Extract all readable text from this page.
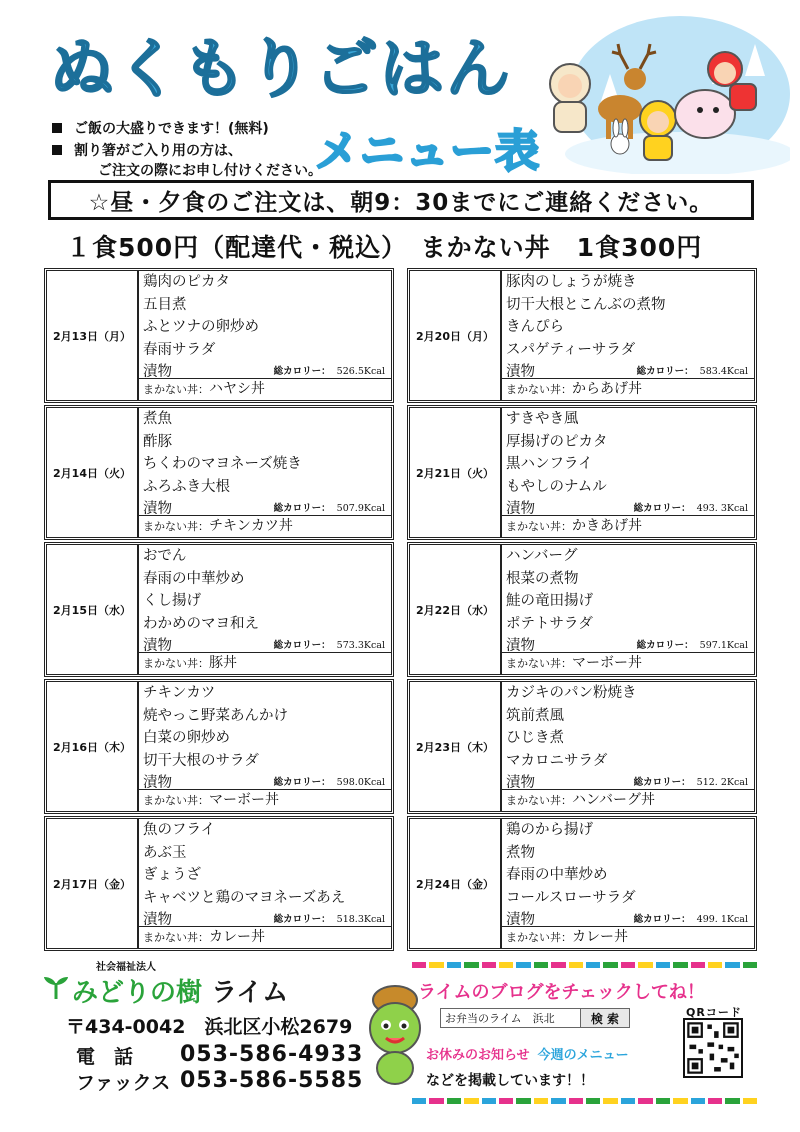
ぬくもりごはん
メニュー表
ご飯の大盛りできます！(無料)
割り箸がご入り用の方は、
ご注文の際にお申し付けください。
☆昼・夕食のご注文は、朝9：30までにご連絡ください。
１食500円（配達代・税込）　まかない丼　1食300円
2月13日（月）
鶏肉のピカタ
五目煮
ふとツナの卵炒め
春雨サラダ
漬物	総カロリー： 526.5Kcal
まかない丼：ハヤシ丼
2月14日（火）
煮魚
酢豚
ちくわのマヨネーズ焼き
ふろふき大根
漬物	総カロリー： 507.9Kcal
まかない丼：チキンカツ丼
2月15日（水）
おでん
春雨の中華炒め
くし揚げ
わかめのマヨ和え
漬物	総カロリー： 573.3Kcal
まかない丼：豚丼
2月16日（木）
チキンカツ
焼やっこ野菜あんかけ
白菜の卵炒め
切干大根のサラダ
漬物	総カロリー： 598.0Kcal
まかない丼：マーボー丼
2月17日（金）
魚のフライ
あぶ玉
ぎょうざ
キャベツと鶏のマヨネーズあえ
漬物	総カロリー： 518.3Kcal
まかない丼：カレー丼
2月20日（月）
豚肉のしょうが焼き
切干大根とこんぶの煮物
きんぴら
スパゲティーサラダ
漬物	総カロリー： 583.4Kcal
まかない丼：からあげ丼
2月21日（火）
すきやき風
厚揚げのピカタ
黒ハンフライ
もやしのナムル
漬物	総カロリー： 493. 3Kcal
まかない丼：かきあげ丼
2月22日（水）
ハンバーグ
根菜の煮物
鮭の竜田揚げ
ポテトサラダ
漬物	総カロリー： 597.1Kcal
まかない丼：マーボー丼
2月23日（木）
カジキのパン粉焼き
筑前煮風
ひじき煮
マカロニサラダ
漬物	総カロリー： 512. 2Kcal
まかない丼：ハンバーグ丼
2月24日（金）
鶏のから揚げ
煮物
春雨の中華炒め
コールスローサラダ
漬物	総カロリー： 499. 1Kcal
まかない丼：カレー丼
社会福祉法人
みどりの樹 ライム
〒434-0042　浜北区小松2679
電　話 053-586-4933
ファックス 053-586-5585
ライムのブログをチェックしてね！
お弁当のライム　浜北	検 索	QRコード
お休みのお知らせ 今週のメニュー
などを掲載しています！！
